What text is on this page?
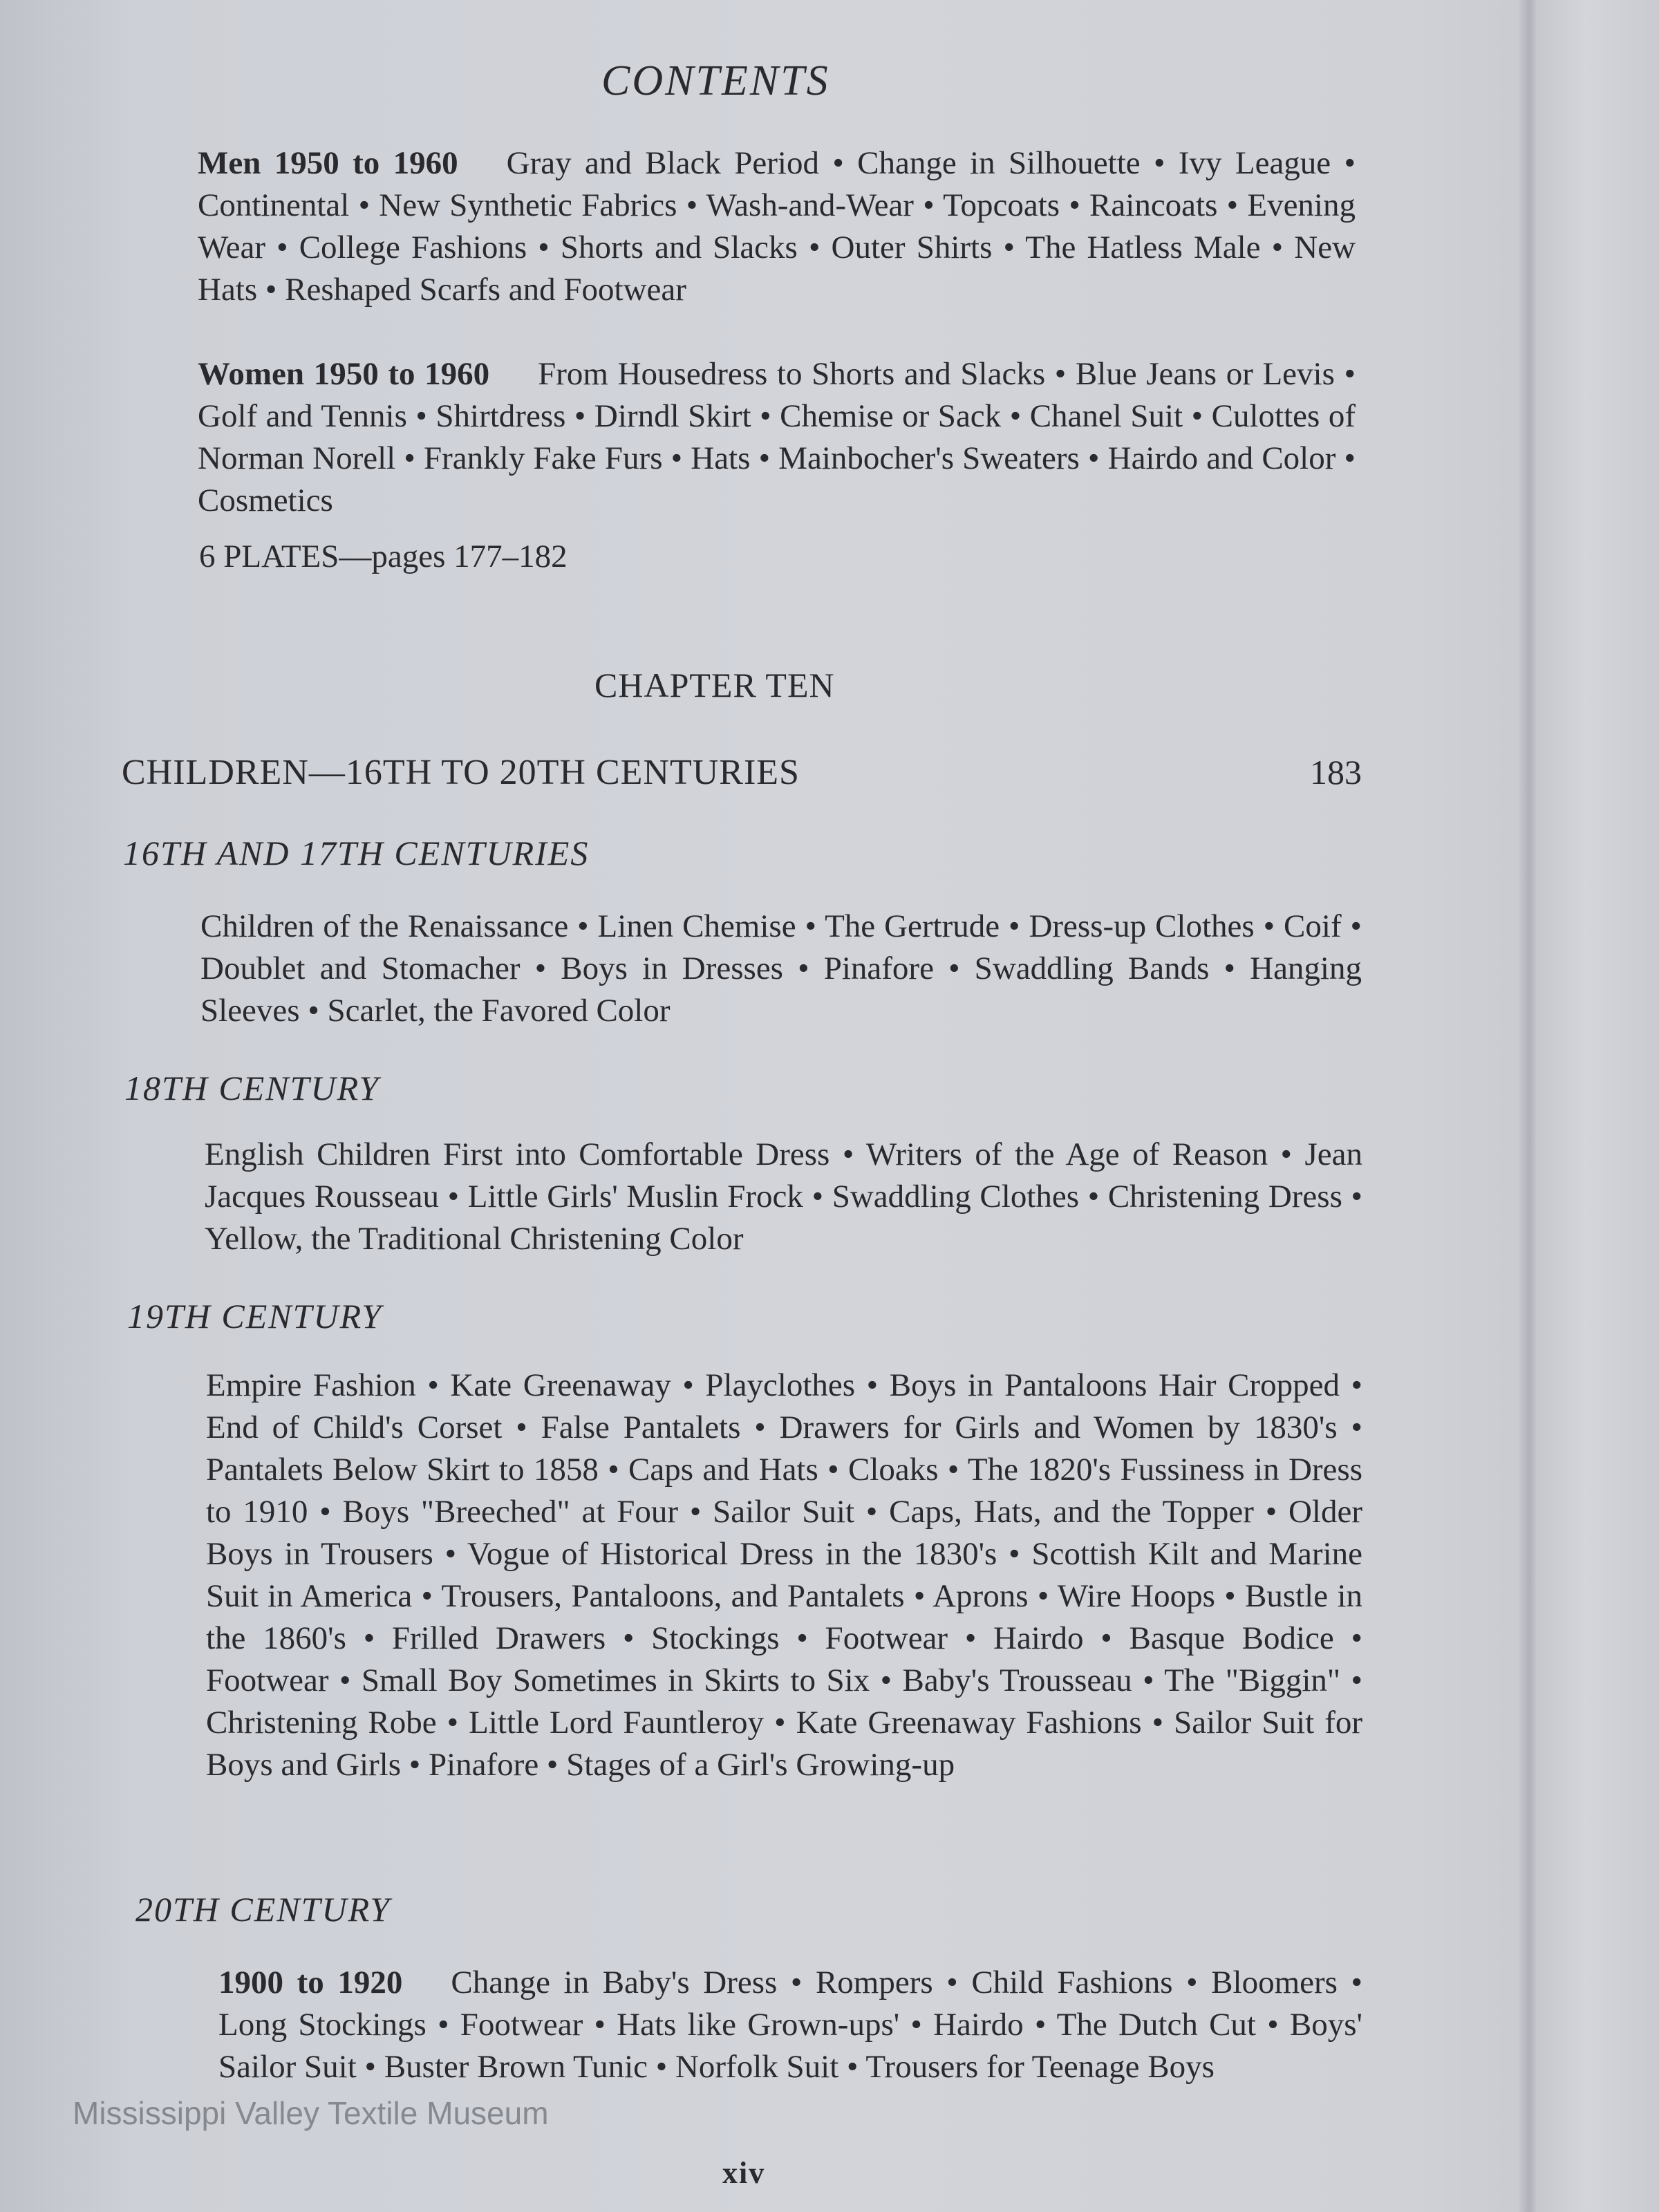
CONTENTS
Men 1950 to 1960 Gray and Black Period • Change in Silhouette • Ivy League • Continental • New Synthetic Fabrics • Wash-and-Wear • Topcoats • Raincoats • Evening Wear • College Fashions • Shorts and Slacks • Outer Shirts • The Hatless Male • New Hats • Reshaped Scarfs and Footwear
Women 1950 to 1960 From Housedress to Shorts and Slacks • Blue Jeans or Levis • Golf and Tennis • Shirtdress • Dirndl Skirt • Chemise or Sack • Chanel Suit • Culottes of Norman Norell • Frankly Fake Furs • Hats • Mainbocher's Sweaters • Hairdo and Color • Cosmetics
6 PLATES—pages 177–182
CHAPTER TEN
CHILDREN—16TH TO 20TH CENTURIES	183
16TH AND 17TH CENTURIES
Children of the Renaissance • Linen Chemise • The Gertrude • Dress-up Clothes • Coif • Doublet and Stomacher • Boys in Dresses • Pinafore • Swaddling Bands • Hanging Sleeves • Scarlet, the Favored Color
18TH CENTURY
English Children First into Comfortable Dress • Writers of the Age of Reason • Jean Jacques Rousseau • Little Girls' Muslin Frock • Swaddling Clothes • Christening Dress • Yellow, the Traditional Christening Color
19TH CENTURY
Empire Fashion • Kate Greenaway • Playclothes • Boys in Pantaloons Hair Cropped • End of Child's Corset • False Pantalets • Drawers for Girls and Women by 1830's • Pantalets Below Skirt to 1858 • Caps and Hats • Cloaks • The 1820's Fussiness in Dress to 1910 • Boys "Breeched" at Four • Sailor Suit • Caps, Hats, and the Topper • Older Boys in Trousers • Vogue of Historical Dress in the 1830's • Scottish Kilt and Marine Suit in America • Trousers, Pantaloons, and Pantalets • Aprons • Wire Hoops • Bustle in the 1860's • Frilled Drawers • Stockings • Footwear • Hairdo • Basque Bodice • Footwear • Small Boy Sometimes in Skirts to Six • Baby's Trousseau • The "Biggin" • Christening Robe • Little Lord Fauntleroy • Kate Greenaway Fashions • Sailor Suit for Boys and Girls • Pinafore • Stages of a Girl's Growing-up
20TH CENTURY
1900 to 1920 Change in Baby's Dress • Rompers • Child Fashions • Bloomers • Long Stockings • Footwear • Hats like Grown-ups' • Hairdo • The Dutch Cut • Boys' Sailor Suit • Buster Brown Tunic • Norfolk Suit • Trousers for Teenage Boys
Mississippi Valley Textile Museum
xiv
